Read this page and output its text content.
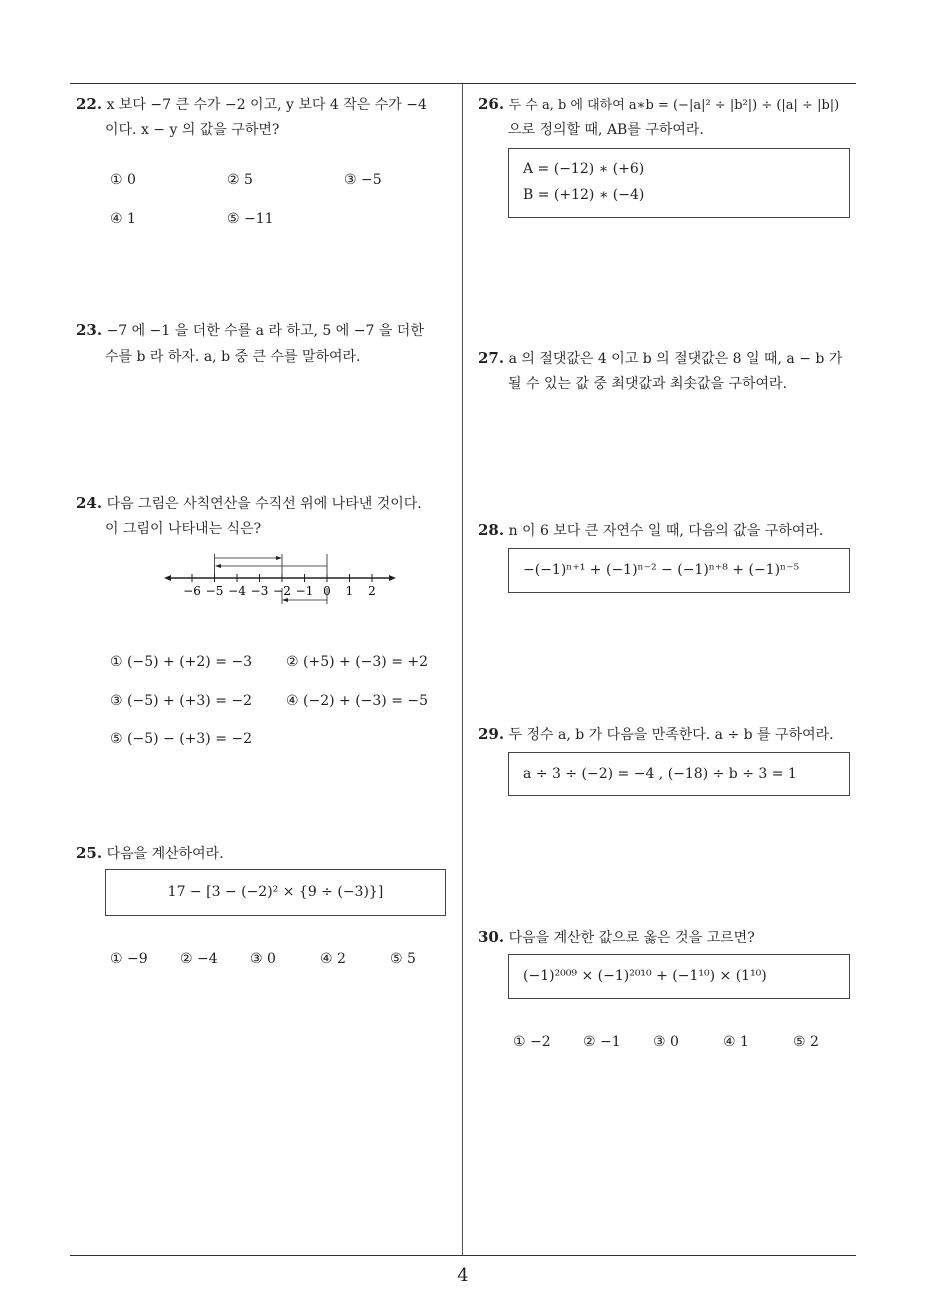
22. x 보다 −7 큰 수가 −2 이고, y 보다 4 작은 수가 −4
이다. x − y 의 값을 구하면?
① 0	② 5	③ −5
④ 1	⑤ −11
23. −7 에 −1 을 더한 수를 a 라 하고, 5 에 −7 을 더한
수를 b 라 하자. a, b 중 큰 수를 말하여라.
24. 다음 그림은 사칙연산을 수직선 위에 나타낸 것이다.
이 그림이 나타내는 식은?
−6 −5 −4 −3 −2 −1 0 1 2
① (−5) + (+2) = −3 ② (+5) + (−3) = +2
③ (−5) + (+3) = −2 ④ (−2) + (−3) = −5
⑤ (−5) − (+3) = −2
25. 다음을 계산하여라.
17 − [3 − (−2)² × {9 ÷ (−3)}]
① −9 ② −4 ③ 0	④ 2	⑤ 5
26. 두 수 a, b 에 대하여 a∗b = (−|a|² ÷ |b²|) ÷ (|a| ÷ |b|)
으로 정의할 때, AB를 구하여라.
A = (−12) ∗ (+6)
B = (+12) ∗ (−4)
27. a 의 절댓값은 4 이고 b 의 절댓값은 8 일 때, a − b 가
될 수 있는 값 중 최댓값과 최솟값을 구하여라.
28. n 이 6 보다 큰 자연수 일 때, 다음의 값을 구하여라.
−(−1)ⁿ⁺¹ + (−1)ⁿ⁻² − (−1)ⁿ⁺⁸ + (−1)ⁿ⁻⁵
29. 두 정수 a, b 가 다음을 만족한다. a ÷ b 를 구하여라.
a ÷ 3 ÷ (−2) = −4 , (−18) ÷ b ÷ 3 = 1
30. 다음을 계산한 값으로 옳은 것을 고르면?
(−1)²⁰⁰⁹ × (−1)²⁰¹⁰ + (−1¹⁰) × (1¹⁰)
① −2 ② −1 ③ 0	④ 1	⑤ 2
4
